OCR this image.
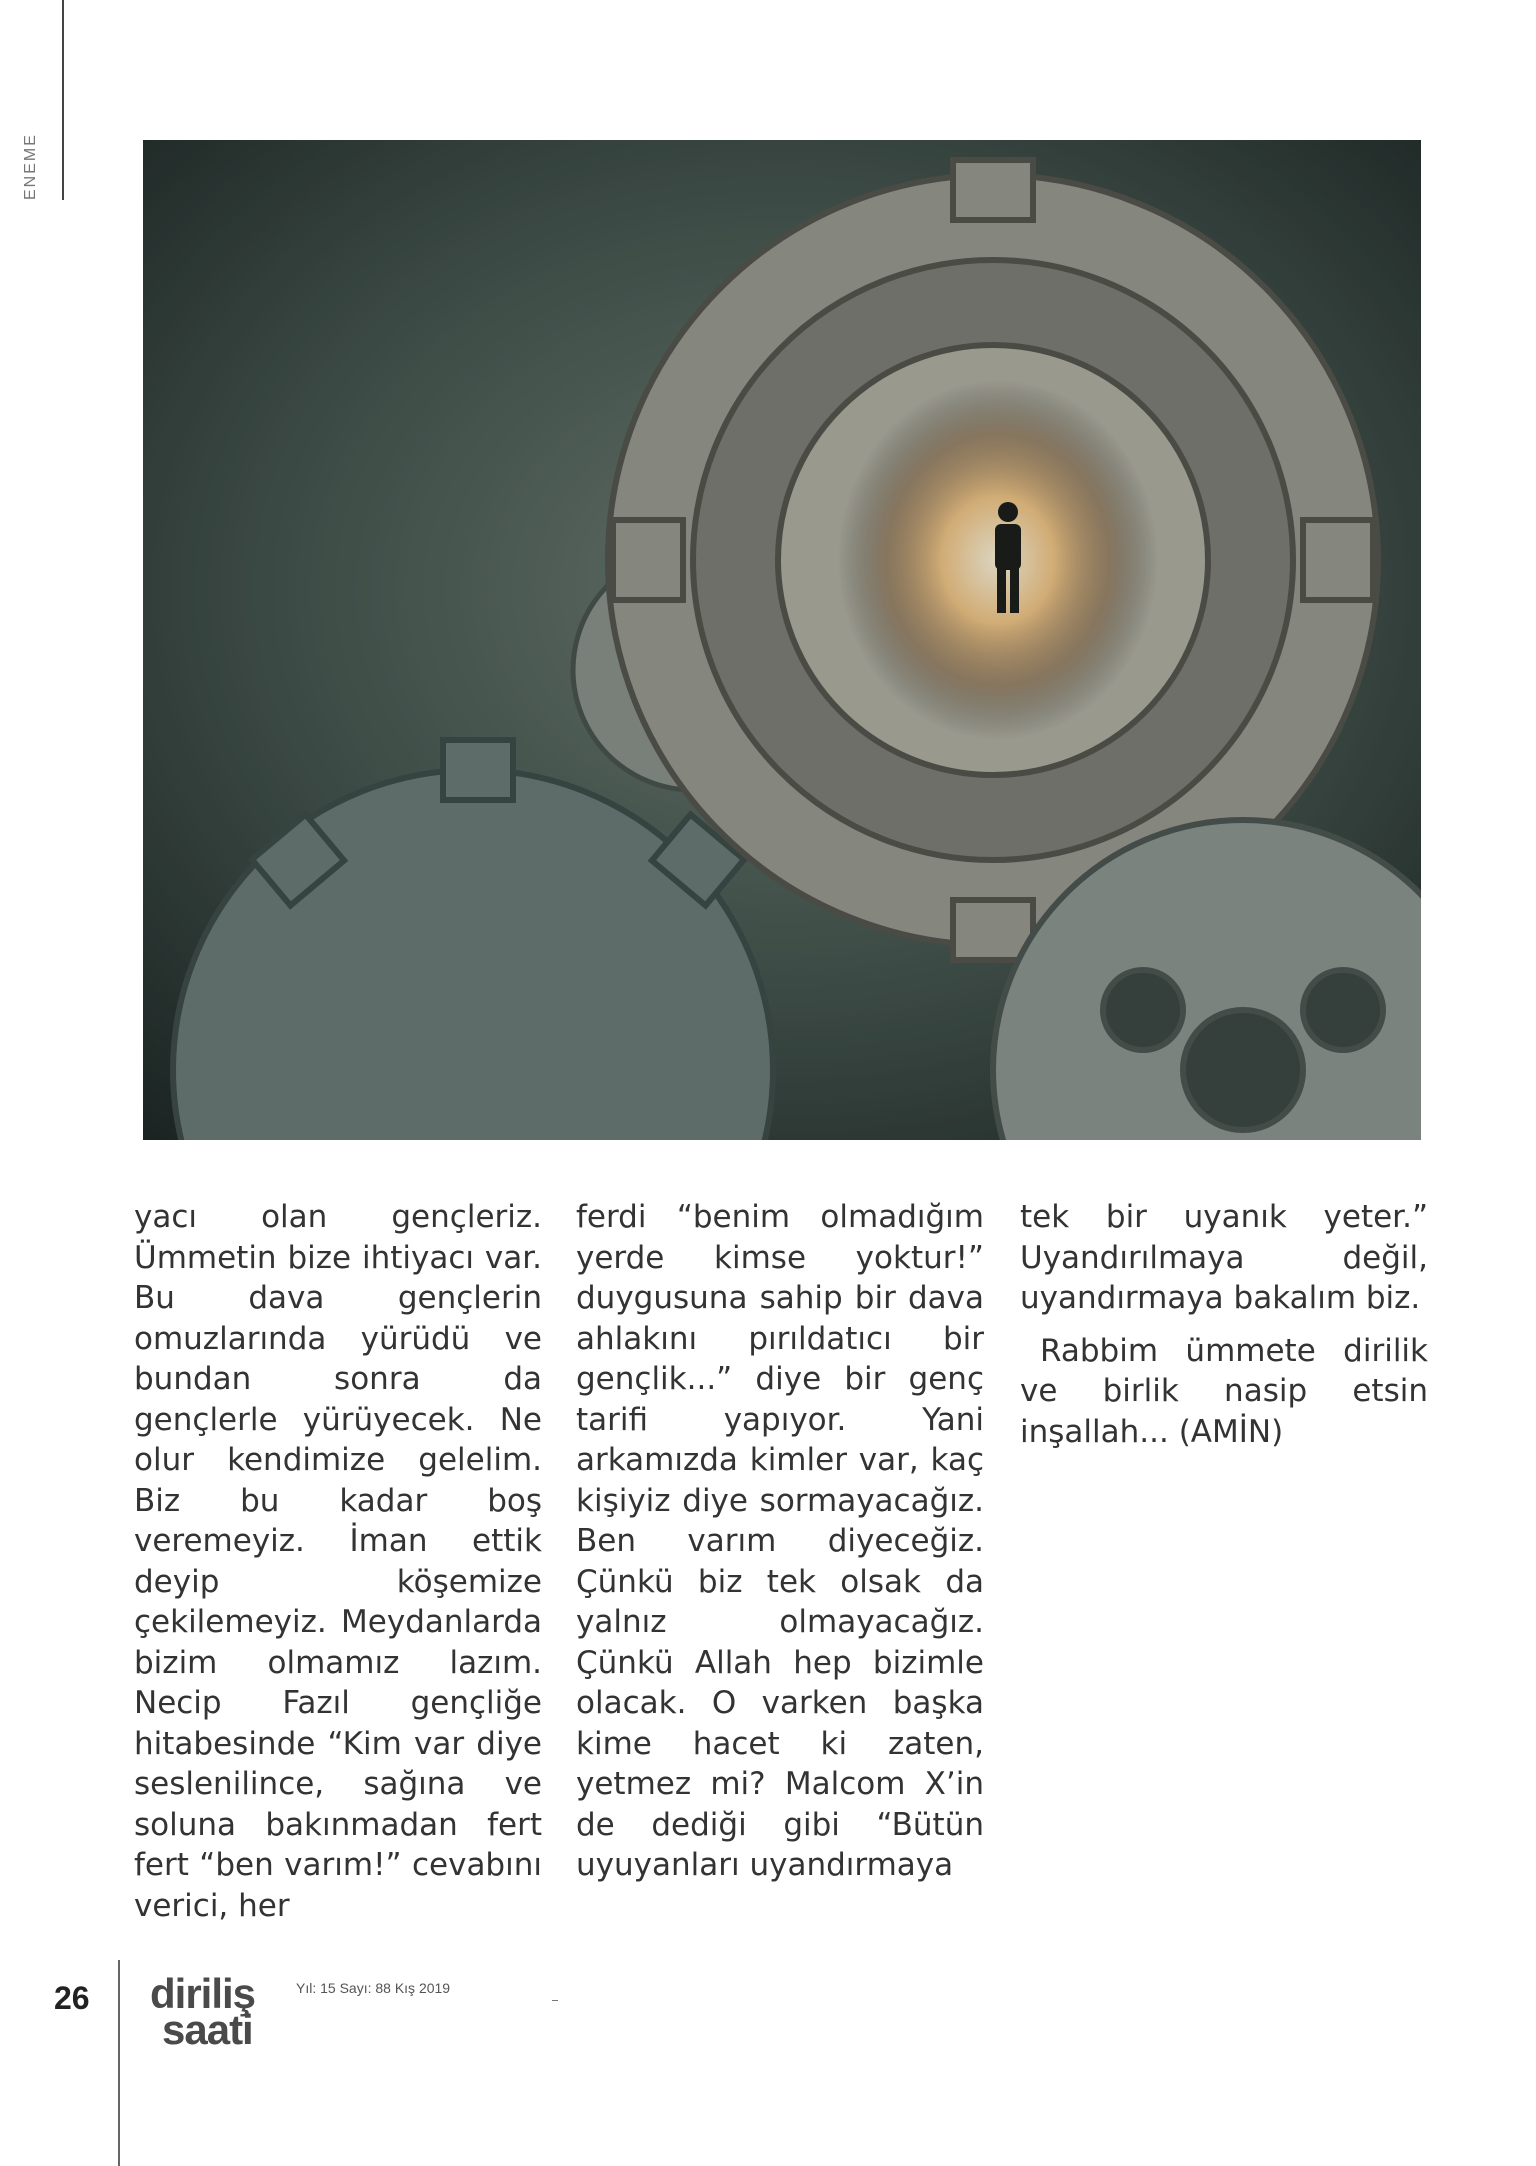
ENEME

yacı olan gençleriz. Ümmetin bize ihtiyacı var. Bu dava gençlerin omuzlarında yürüdü ve bundan sonra da gençlerle yürüyecek. Ne olur kendimize gelelim. Biz bu kadar boş veremeyiz. İman ettik deyip köşemize çekilemeyiz. Meydanlarda bizim olmamız lazım. Necip Fazıl gençliğe hitabesinde “Kim var diye seslenilince, sağına ve soluna bakınmadan fert fert “ben varım!” cevabını verici, her

ferdi “benim olmadığım yerde kimse yoktur!” duygusuna sahip bir dava ahlakını pırıldatıcı bir gençlik...” diye bir genç tarifi yapıyor. Yani arkamızda kimler var, kaç kişiyiz diye sormayacağız. Ben varım diyeceğiz. Çünkü biz tek olsak da yalnız olmayacağız. Çünkü Allah hep bizimle olacak. O varken başka kime hacet ki zaten, yetmez mi? Malcom X’in de dediği gibi “Bütün uyuyanları uyandırmaya

tek bir uyanık yeter.” Uyandırılmaya değil, uyandırmaya bakalım biz.

Rabbim ümmete dirilik ve birlik nasip etsin inşallah... (AMİN)

26 diriliş
saati
Yıl: 15 Sayı: 88 Kış 2019
